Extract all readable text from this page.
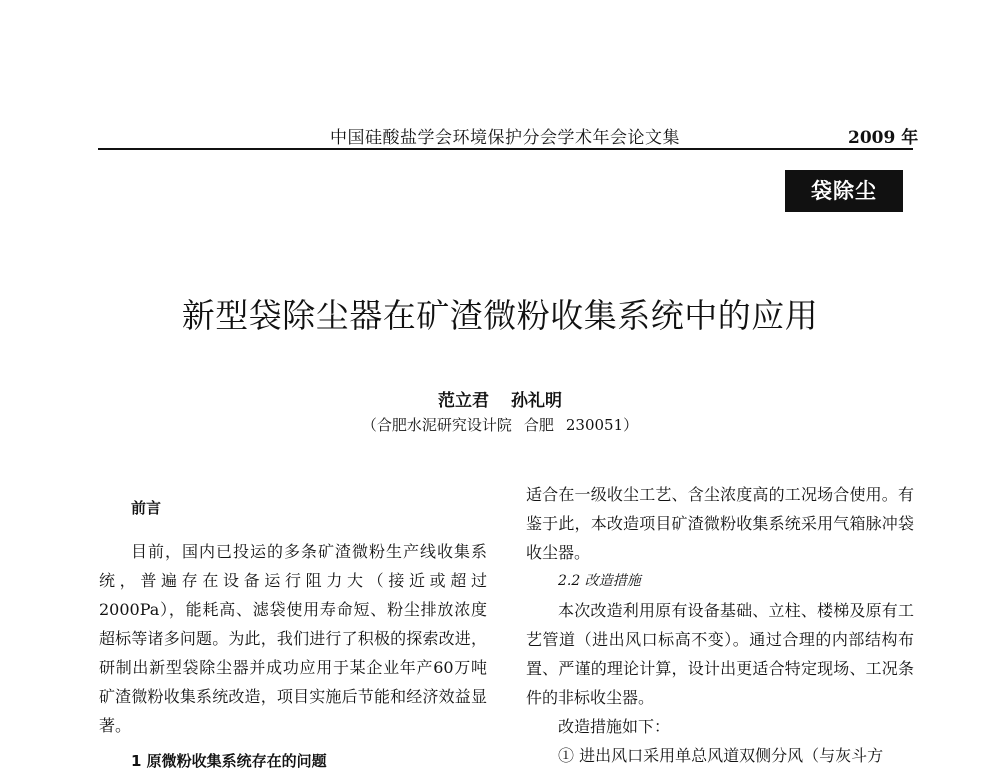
中国硅酸盐学会环境保护分会学术年会论文集	2009 年
袋除尘
新型袋除尘器在矿渣微粉收集系统中的应用
范立君 孙礼明
（合肥水泥研究设计院 合肥 230051）
前言

目前，国内已投运的多条矿渣微粉生产线收集系统，普遍存在设备运行阻力大（接近或超过2000Pa），能耗高、滤袋使用寿命短、粉尘排放浓度超标等诸多问题。为此，我们进行了积极的探索改进，研制出新型袋除尘器并成功应用于某企业年产60万吨矿渣微粉收集系统改造，项目实施后节能和经济效益显著。

1 原微粉收集系统存在的问题

适合在一级收尘工艺、含尘浓度高的工况场合使用。有鉴于此，本改造项目矿渣微粉收集系统采用气箱脉冲袋收尘器。

2.2 改造措施

本次改造利用原有设备基础、立柱、楼梯及原有工艺管道（进出风口标高不变）。通过合理的内部结构布置、严谨的理论计算，设计出更适合特定现场、工况条件的非标收尘器。

改造措施如下：
① 进出风口采用单总风道双侧分风（与灰斗方
